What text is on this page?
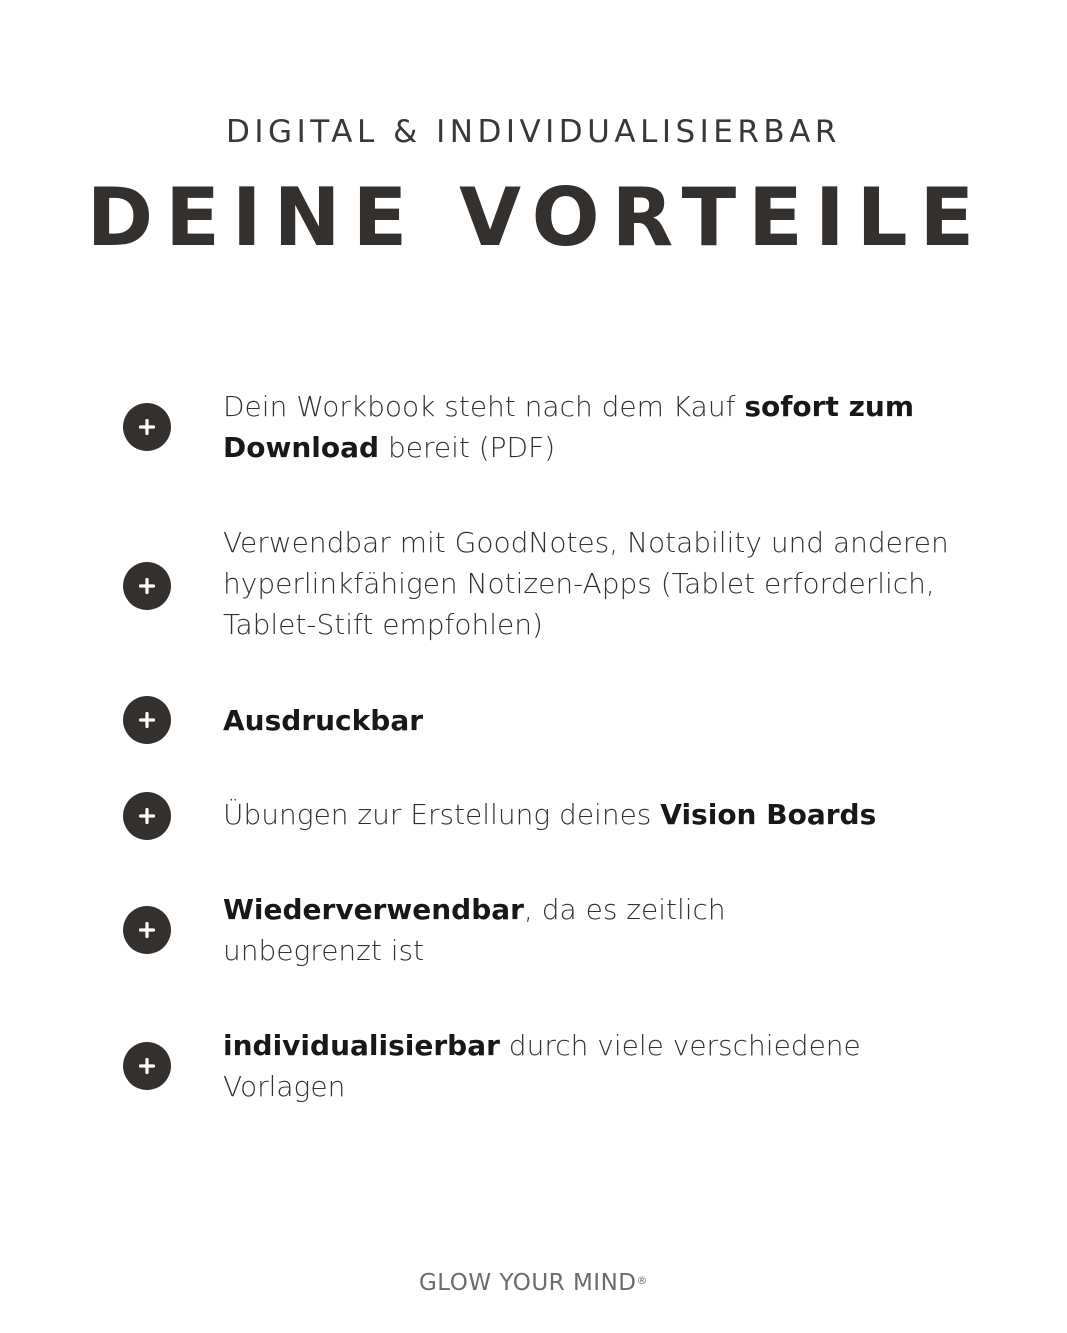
DIGITAL & INDIVIDUALISIERBAR
DEINE VORTEILE
Dein Workbook steht nach dem Kauf sofort zum Download bereit (PDF)
Verwendbar mit GoodNotes, Notability und anderen hyperlinkfähigen Notizen-Apps (Tablet erforderlich, Tablet-Stift empfohlen)
Ausdruckbar
Übungen zur Erstellung deines Vision Boards
Wiederverwendbar, da es zeitlich unbegrenzt ist
individualisierbar durch viele verschiedene Vorlagen
GLOW YOUR MIND®
